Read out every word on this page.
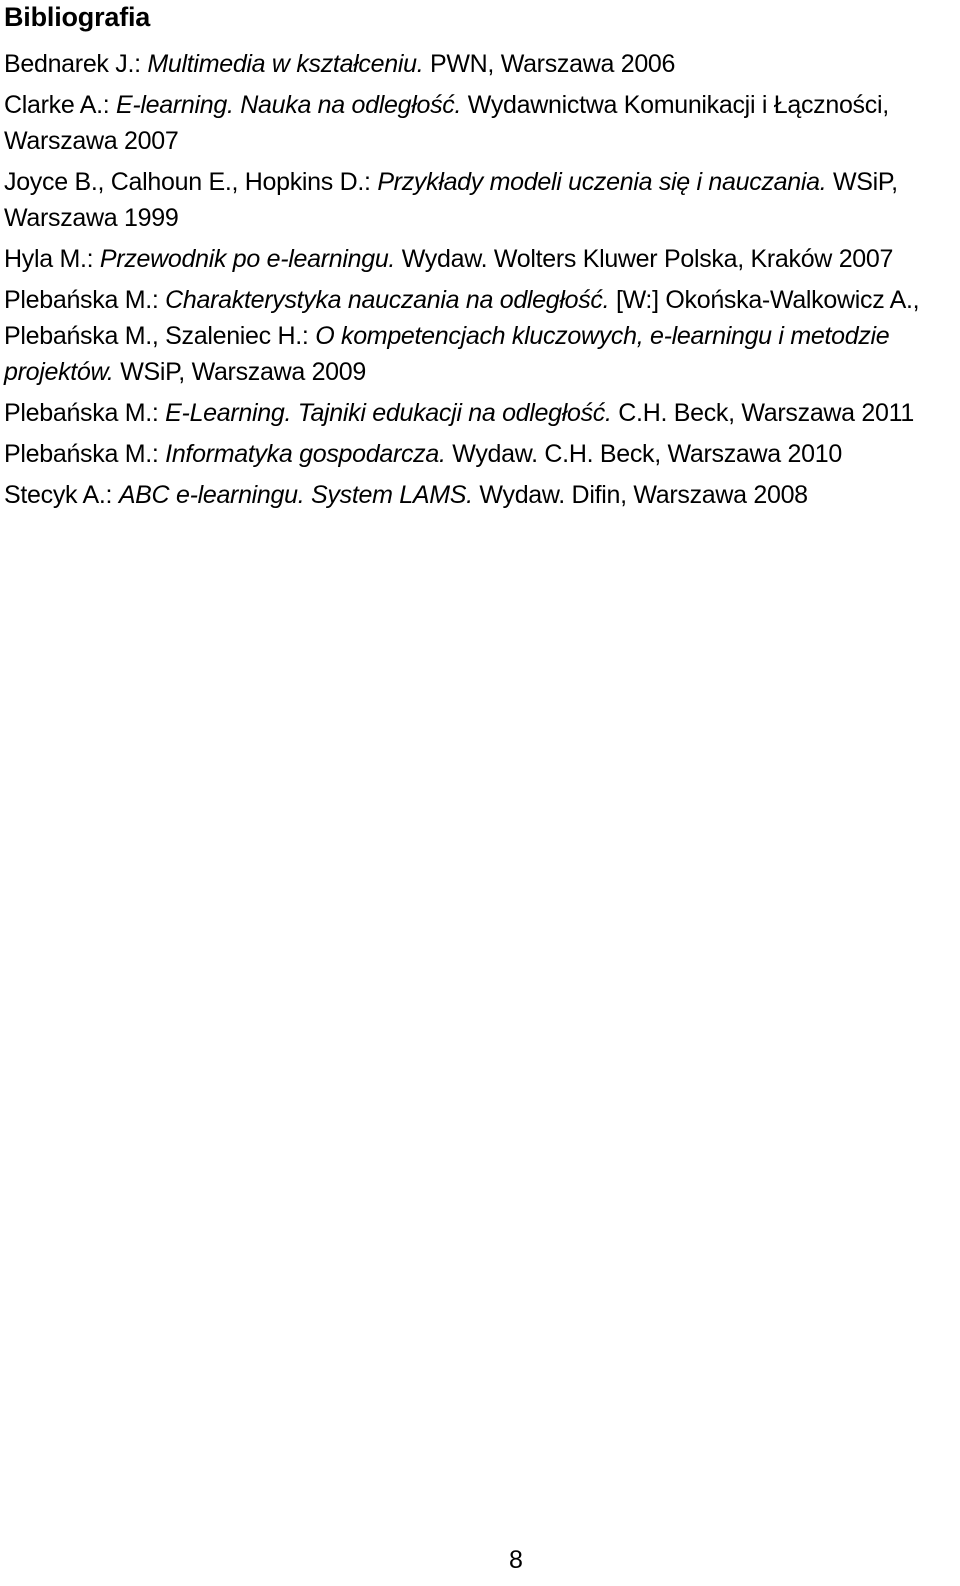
Bibliografia
Bednarek J.: Multimedia w kształceniu. PWN, Warszawa 2006
Clarke A.: E-learning. Nauka na odległość. Wydawnictwa Komunikacji i Łączności, Warszawa 2007
Joyce B., Calhoun E., Hopkins D.: Przykłady modeli uczenia się i nauczania. WSiP, Warszawa 1999
Hyla M.: Przewodnik po e-learningu. Wydaw. Wolters Kluwer Polska, Kraków 2007
Plebańska M.: Charakterystyka nauczania na odległość. [W:] Okońska-Walkowicz A., Plebańska M., Szaleniec H.: O kompetencjach kluczowych, e-learningu i metodzie projektów. WSiP, Warszawa 2009
Plebańska M.: E-Learning. Tajniki edukacji na odległość. C.H. Beck, Warszawa 2011
Plebańska M.: Informatyka gospodarcza. Wydaw. C.H. Beck, Warszawa 2010
Stecyk A.: ABC e-learningu. System LAMS. Wydaw. Difin, Warszawa 2008
8
